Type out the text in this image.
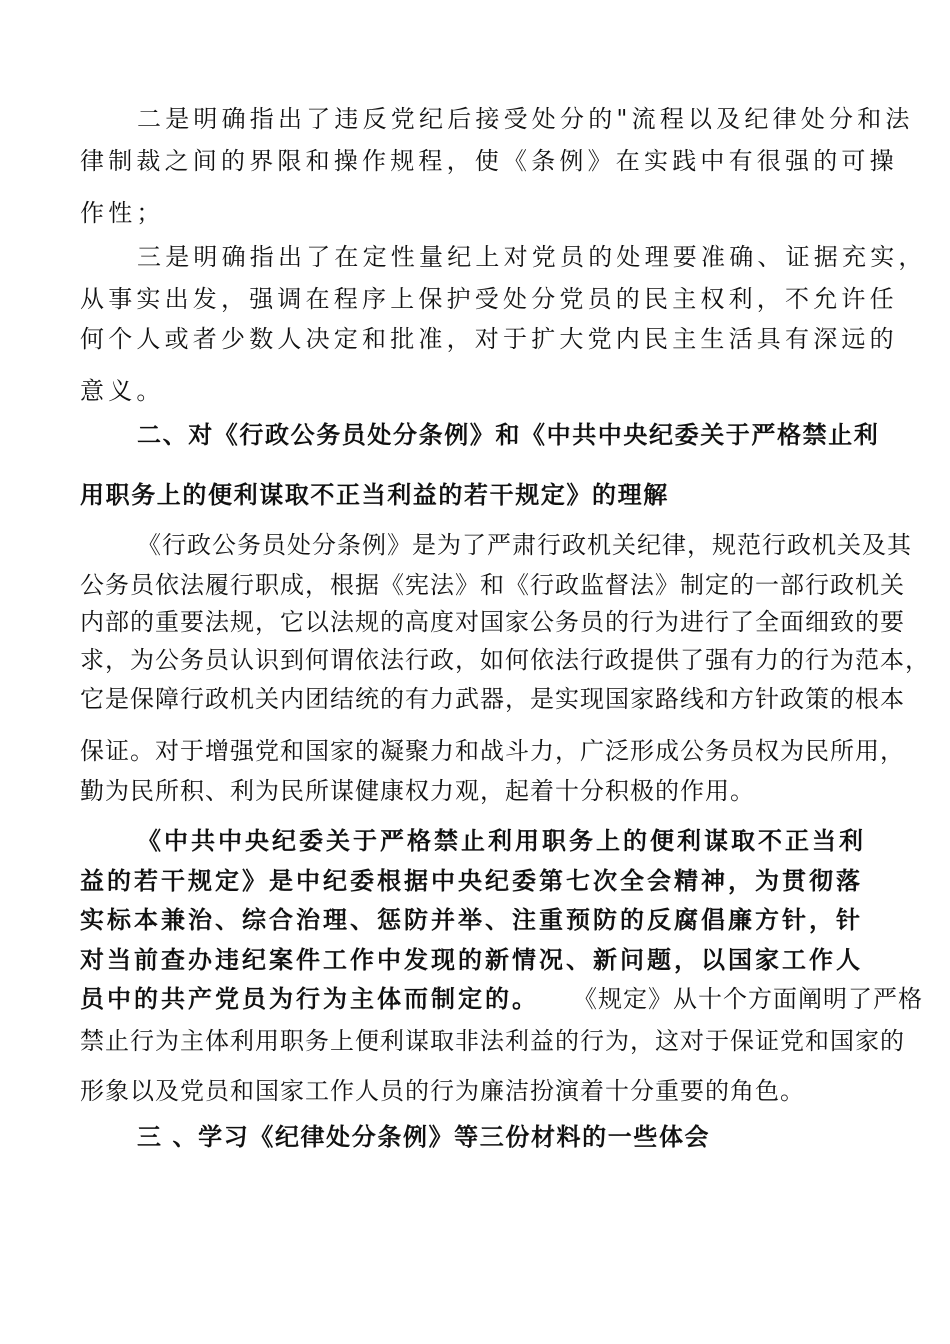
二是明确指出了违反党纪后接受处分的"流程以及纪律处分和法
律制裁之间的界限和操作规程，使《条例》在实践中有很强的可操
作性；
三是明确指出了在定性量纪上对党员的处理要准确、证据充实，
从事实出发，强调在程序上保护受处分党员的民主权利，不允许任
何个人或者少数人决定和批准，对于扩大党内民主生活具有深远的
意义。
二、对《行政公务员处分条例》和《中共中央纪委关于严格禁止利
用职务上的便利谋取不正当利益的若干规定》的理解
《行政公务员处分条例》是为了严肃行政机关纪律，规范行政机关及其
公务员依法履行职成，根据《宪法》和《行政监督法》制定的一部行政机关
内部的重要法规，它以法规的高度对国家公务员的行为进行了全面细致的要
求，为公务员认识到何谓依法行政，如何依法行政提供了强有力的行为范本，
它是保障行政机关内团结统的有力武器，是实现国家路线和方针政策的根本
保证。对于增强党和国家的凝聚力和战斗力，广泛形成公务员权为民所用，
勤为民所积、利为民所谋健康权力观，起着十分积极的作用。
《中共中央纪委关于严格禁止利用职务上的便利谋取不正当利
益的若干规定》是中纪委根据中央纪委第七次全会精神，为贯彻落
实标本兼治、综合治理、惩防并举、注重预防的反腐倡廉方针，针
对当前查办违纪案件工作中发现的新情况、新问题，以国家工作人
员中的共产党员为行为主体而制定的。 《规定》从十个方面阐明了严格
禁止行为主体利用职务上便利谋取非法利益的行为，这对于保证党和国家的
形象以及党员和国家工作人员的行为廉洁扮演着十分重要的角色。
三 、学习《纪律处分条例》等三份材料的一些体会
